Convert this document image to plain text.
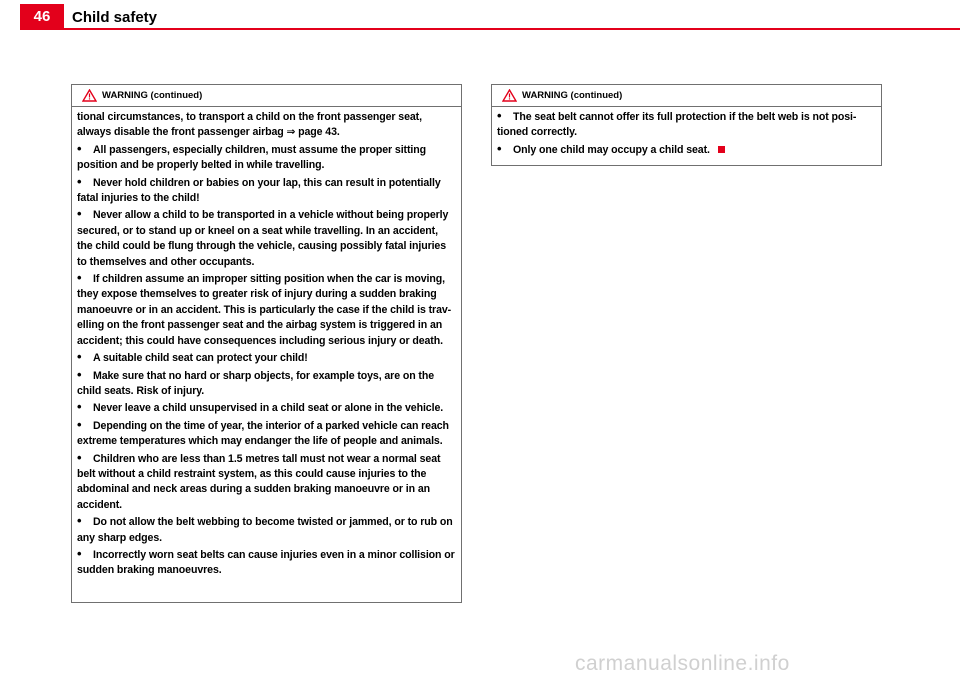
46	Child safety
WARNING (continued)

tional circumstances, to transport a child on the front passenger seat, always disable the front passenger airbag ⇒ page 43.

• All passengers, especially children, must assume the proper sitting position and be properly belted in while travelling.

• Never hold children or babies on your lap, this can result in potentially fatal injuries to the child!

• Never allow a child to be transported in a vehicle without being properly secured, or to stand up or kneel on a seat while travelling. In an accident, the child could be flung through the vehicle, causing possibly fatal injuries to themselves and other occupants.

• If children assume an improper sitting position when the car is moving, they expose themselves to greater risk of injury during a sudden braking manoeuvre or in an accident. This is particularly the case if the child is trav-elling on the front passenger seat and the airbag system is triggered in an accident; this could have consequences including serious injury or death.

• A suitable child seat can protect your child!

• Make sure that no hard or sharp objects, for example toys, are on the child seats. Risk of injury.

• Never leave a child unsupervised in a child seat or alone in the vehicle.

• Depending on the time of year, the interior of a parked vehicle can reach extreme temperatures which may endanger the life of people and animals.

• Children who are less than 1.5 metres tall must not wear a normal seat belt without a child restraint system, as this could cause injuries to the abdominal and neck areas during a sudden braking manoeuvre or in an accident.

• Do not allow the belt webbing to become twisted or jammed, or to rub on any sharp edges.

• Incorrectly worn seat belts can cause injuries even in a minor collision or sudden braking manoeuvres.

WARNING (continued)

• The seat belt cannot offer its full protection if the belt web is not posi-tioned correctly.

• Only one child may occupy a child seat.

carmanualsonline.info
